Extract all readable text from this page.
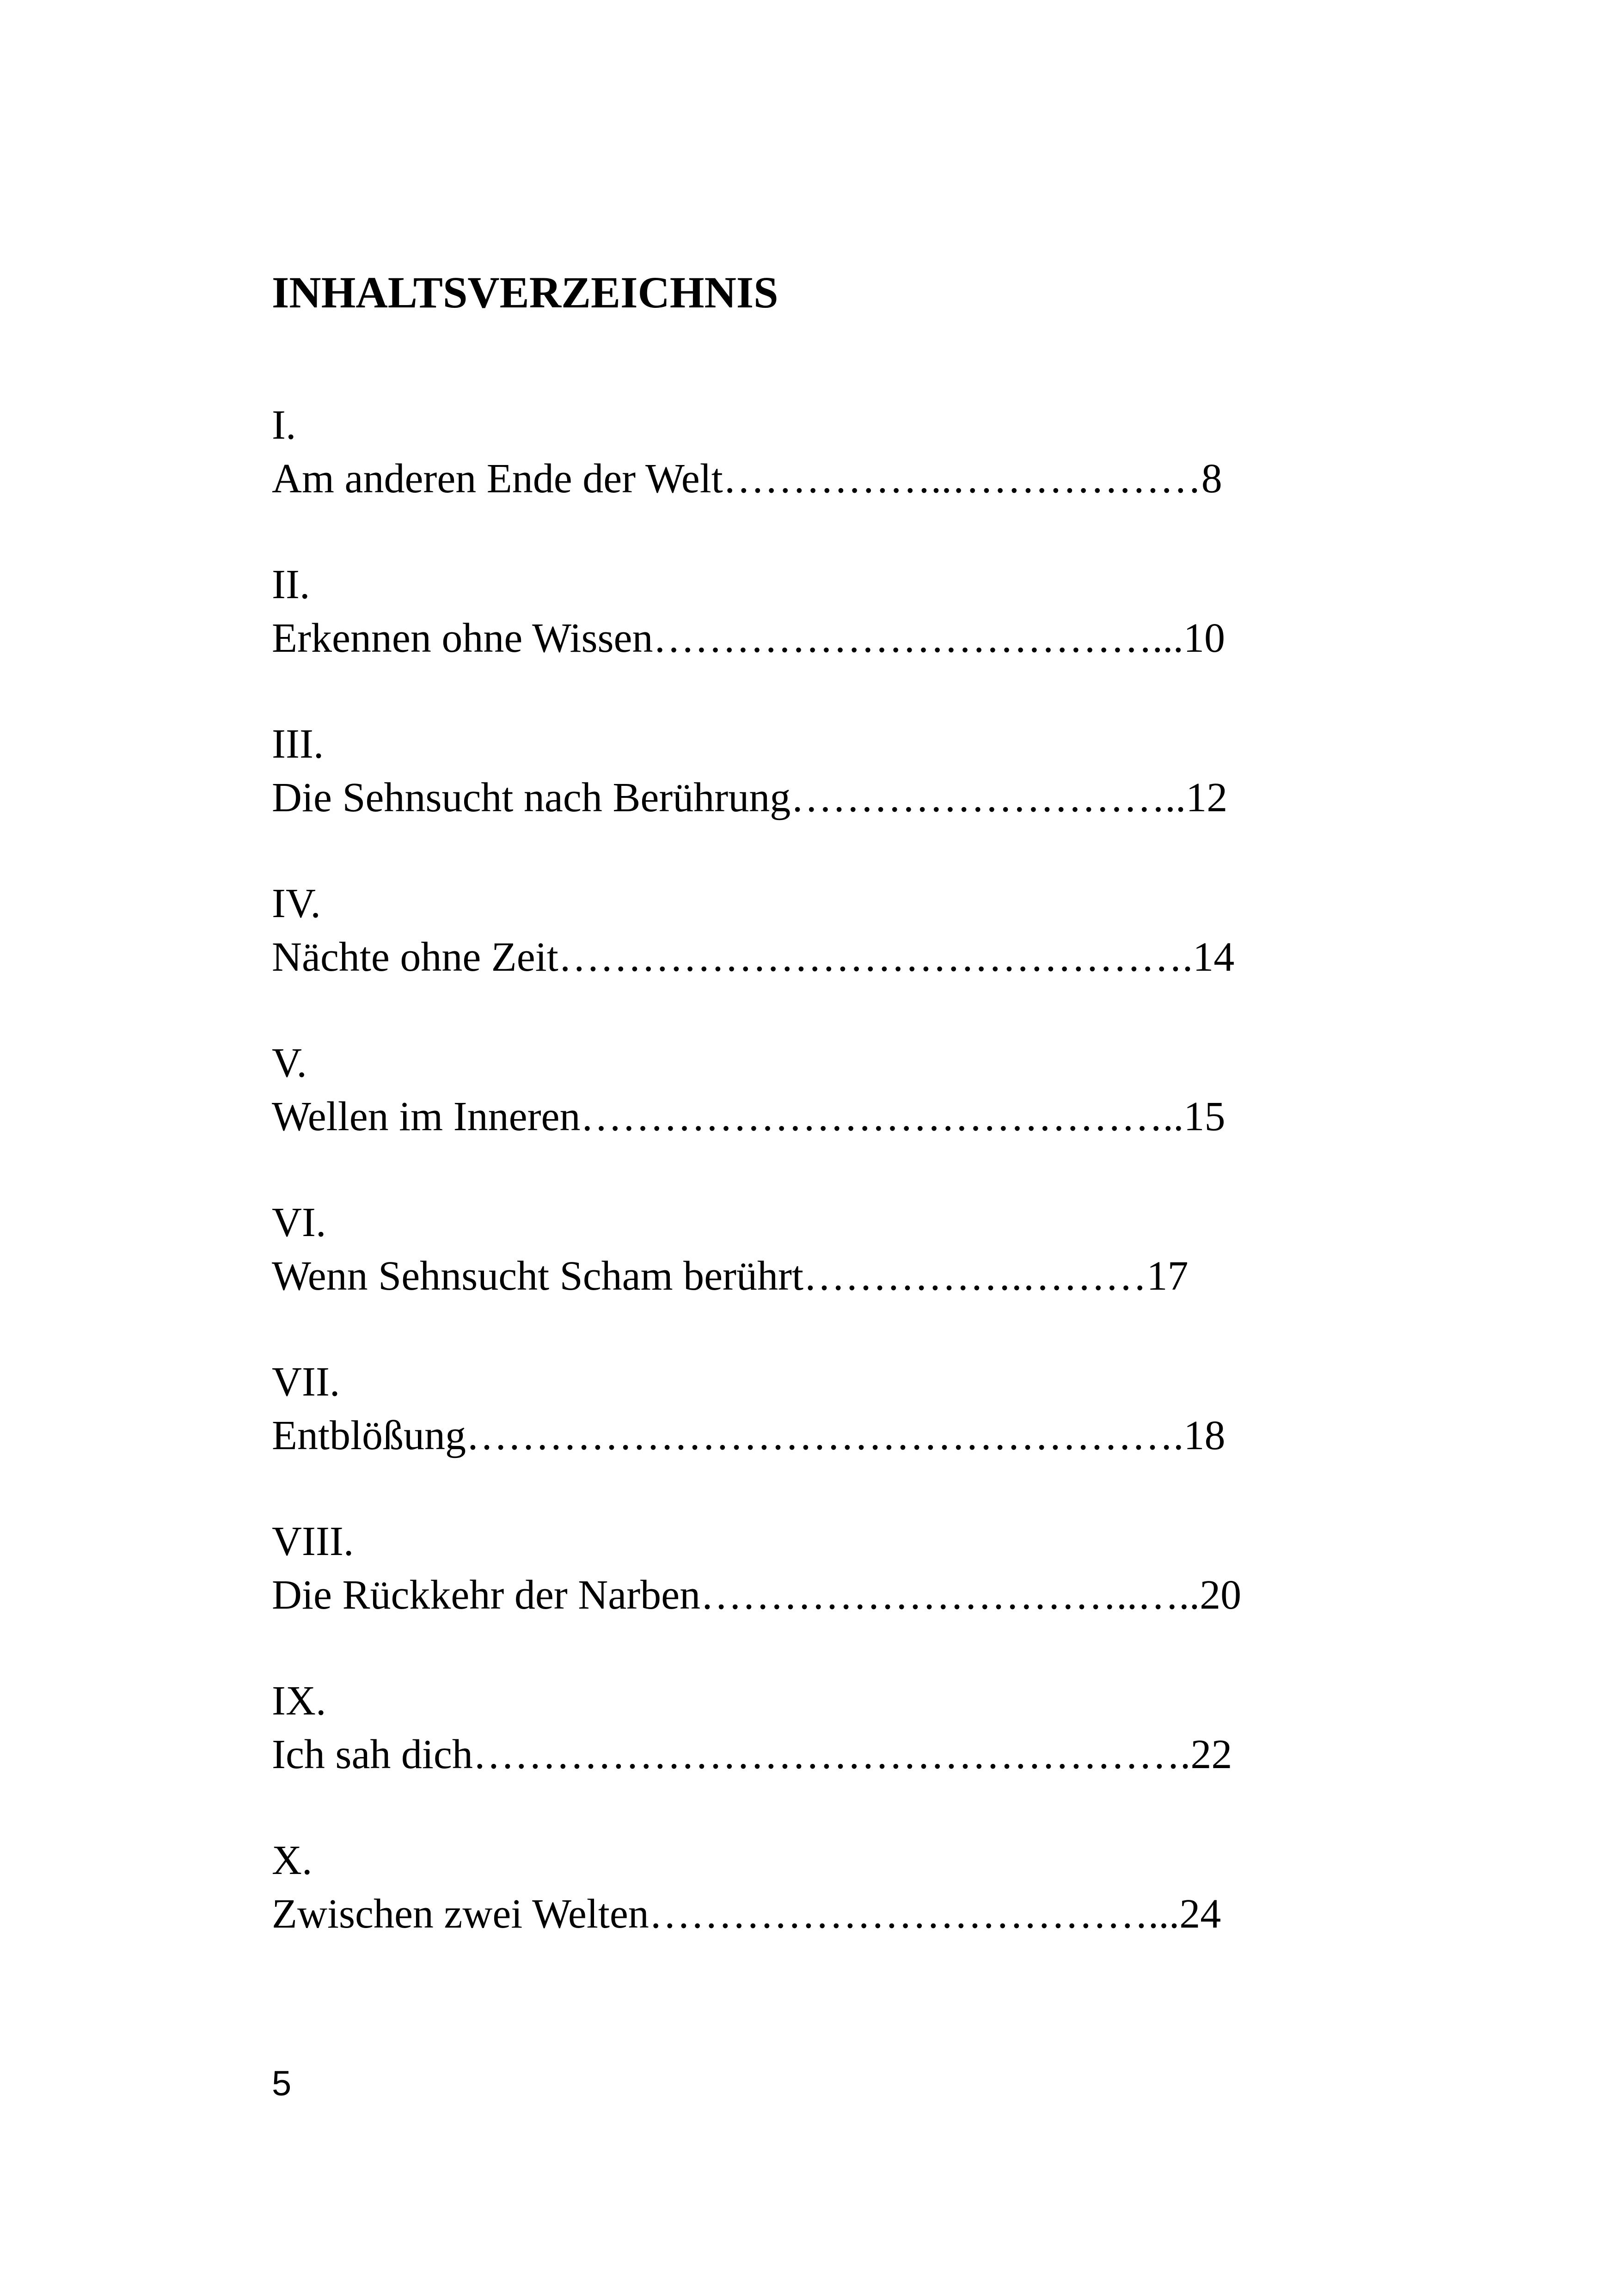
INHALTSVERZEICHNIS
I.
Am anderen Ende der Welt……………..………………8
II.
Erkennen ohne Wissen………………………………...10
III.
Die Sehnsucht nach Berührung………………………..12
IV.
Nächte ohne Zeit……………………………………….14
V.
Wellen im Inneren……………………………………..15
VI.
Wenn Sehnsucht Scham berührt…………….………17
VII.
Entblößung…………………………………………….18
VIII.
Die Rückkehr der Narben…………………………..…..20
IX.
Ich sah dich…………………………………………….22
X.
Zwischen zwei Welten………………………………...24
5
